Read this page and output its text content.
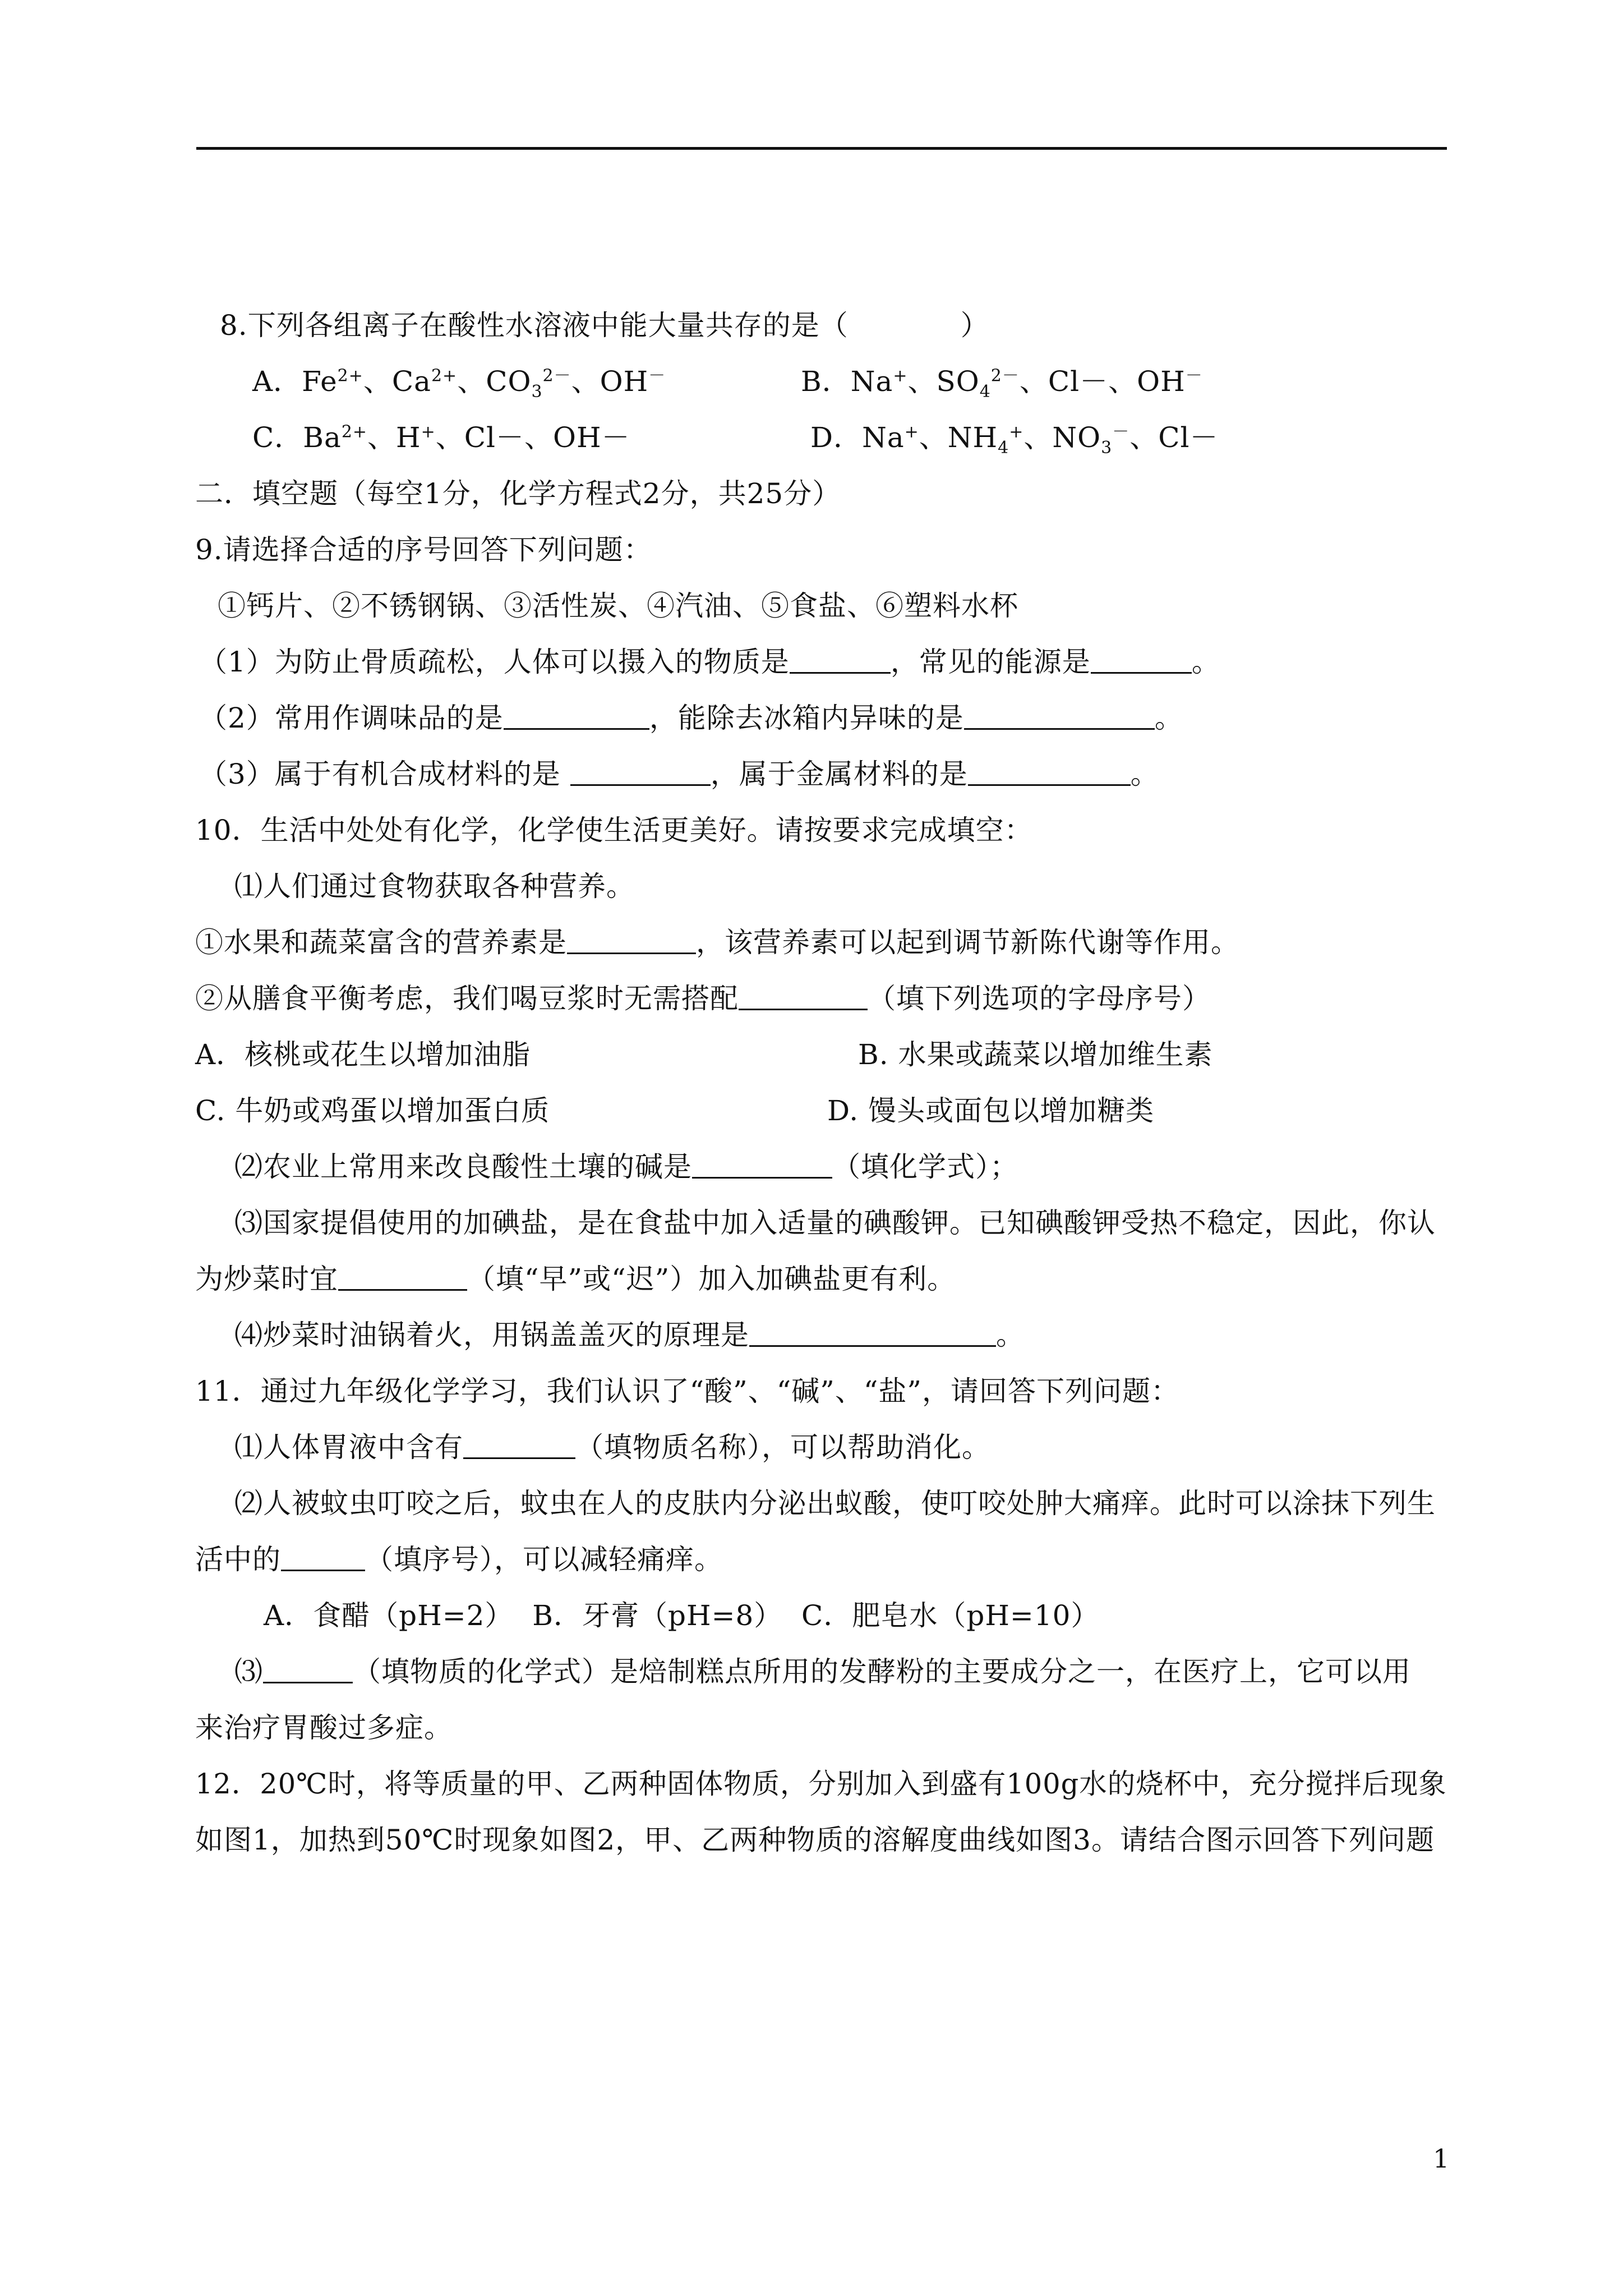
8.下列各组离子在酸性水溶液中能大量共存的是（	）
A．$Fe^{2+}$、$Ca^{2+}$、$CO_3^{2-}$、OH－	B．Na+、$SO_4^{2-}$、Cl－、OH－
C．$Ba^{2+}$、H+、Cl－、OH－	D．Na+、$NH_4^+$、$NO_3^-$、Cl－
二．填空题（每空1分，化学方程式2分，共25分）
9.请选择合适的序号回答下列问题：
①钙片、②不锈钢锅、③活性炭、④汽油、⑤食盐、⑥塑料水杯
（1）为防止骨质疏松，人体可以摄入的物质是	，常见的能源是	。
（2）常用作调味品的是	，能除去冰箱内异味的是	。
（3）属于有机合成材料的是	，属于金属材料的是	。
10．生活中处处有化学，化学使生活更美好。请按要求完成填空：
⑴人们通过食物获取各种营养。
①水果和蔬菜富含的营养素是	，该营养素可以起到调节新陈代谢等作用。
②从膳食平衡考虑，我们喝豆浆时无需搭配	（填下列选项的字母序号）
A．核桃或花生以增加油脂	B. 水果或蔬菜以增加维生素
C. 牛奶或鸡蛋以增加蛋白质	D. 馒头或面包以增加糖类
⑵农业上常用来改良酸性土壤的碱是	（填化学式）；
⑶国家提倡使用的加碘盐，是在食盐中加入适量的碘酸钾。已知碘酸钾受热不稳定，因此，你认
为炒菜时宜	（填“早”或“迟”）加入加碘盐更有利。
⑷炒菜时油锅着火，用锅盖盖灭的原理是	。
11．通过九年级化学学习，我们认识了“酸”、“碱”、“盐”，请回答下列问题：
⑴人体胃液中含有	（填物质名称），可以帮助消化。
⑵人被蚊虫叮咬之后，蚊虫在人的皮肤内分泌出蚁酸，使叮咬处肿大痛痒。此时可以涂抹下列生
活中的	（填序号），可以减轻痛痒。
A．食醋（pH=2）  B．牙膏（pH=8）  C．肥皂水（pH=10）
⑶	（填物质的化学式）是焙制糕点所用的发酵粉的主要成分之一，在医疗上，它可以用
来治疗胃酸过多症。
12．20℃时，将等质量的甲、乙两种固体物质，分别加入到盛有100g水的烧杯中，充分搅拌后现象
如图1，加热到50℃时现象如图2，甲、乙两种物质的溶解度曲线如图3。请结合图示回答下列问题
1
